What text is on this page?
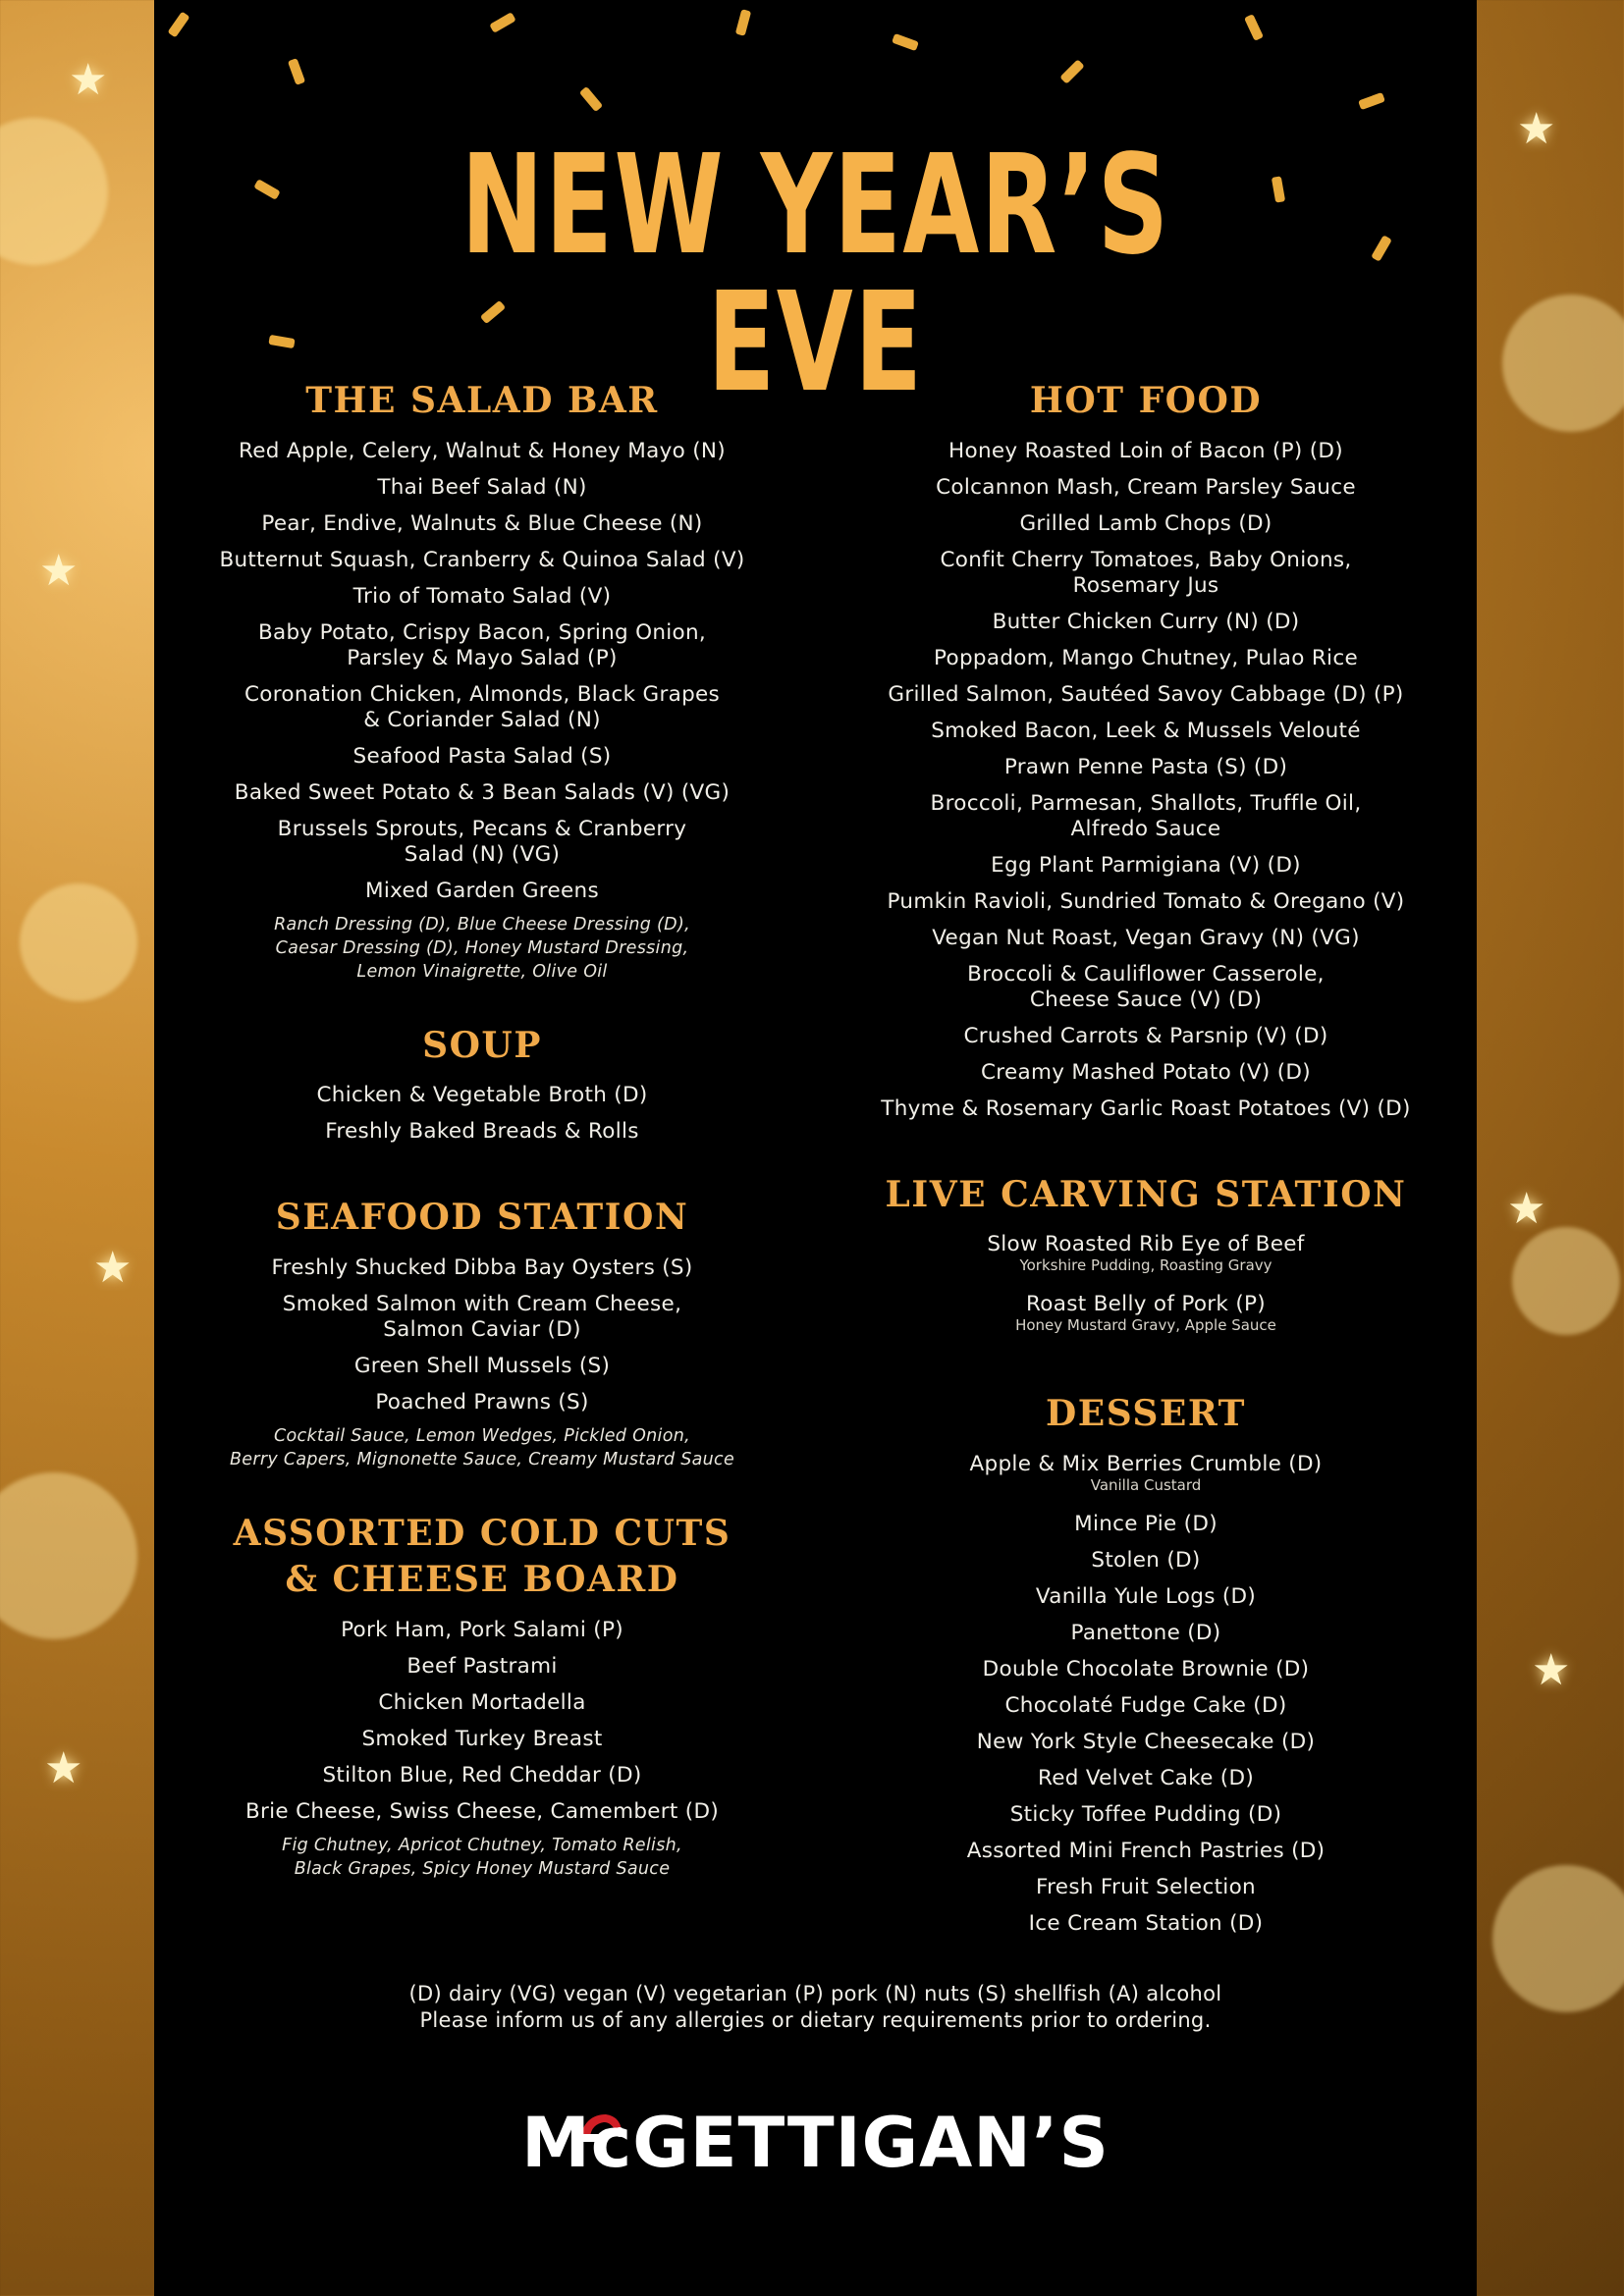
★
★
★
★
★
★
★
NEW YEAR’S EVE
THE SALAD BAR
Red Apple, Celery, Walnut & Honey Mayo (N)
Thai Beef Salad (N)
Pear, Endive, Walnuts & Blue Cheese (N)
Butternut Squash, Cranberry & Quinoa Salad (V)
Trio of Tomato Salad (V)
Baby Potato, Crispy Bacon, Spring Onion,
Parsley & Mayo Salad (P)
Coronation Chicken, Almonds, Black Grapes
& Coriander Salad (N)
Seafood Pasta Salad (S)
Baked Sweet Potato & 3 Bean Salads (V) (VG)
Brussels Sprouts, Pecans & Cranberry
Salad (N) (VG)
Mixed Garden Greens
Ranch Dressing (D), Blue Cheese Dressing (D),
Caesar Dressing (D), Honey Mustard Dressing,
Lemon Vinaigrette, Olive Oil
SOUP
Chicken & Vegetable Broth (D)
Freshly Baked Breads & Rolls
SEAFOOD STATION
Freshly Shucked Dibba Bay Oysters (S)
Smoked Salmon with Cream Cheese,
Salmon Caviar (D)
Green Shell Mussels (S)
Poached Prawns (S)
Cocktail Sauce, Lemon Wedges, Pickled Onion,
Berry Capers, Mignonette Sauce, Creamy Mustard Sauce
ASSORTED COLD CUTS
& CHEESE BOARD
Pork Ham, Pork Salami (P)
Beef Pastrami
Chicken Mortadella
Smoked Turkey Breast
Stilton Blue, Red Cheddar (D)
Brie Cheese, Swiss Cheese, Camembert (D)
Fig Chutney, Apricot Chutney, Tomato Relish,
Black Grapes, Spicy Honey Mustard Sauce
HOT FOOD
Honey Roasted Loin of Bacon (P) (D)
Colcannon Mash, Cream Parsley Sauce
Grilled Lamb Chops (D)
Confit Cherry Tomatoes, Baby Onions,
Rosemary Jus
Butter Chicken Curry (N) (D)
Poppadom, Mango Chutney, Pulao Rice
Grilled Salmon, Sautéed Savoy Cabbage (D) (P)
Smoked Bacon, Leek & Mussels Velouté
Prawn Penne Pasta (S) (D)
Broccoli, Parmesan, Shallots, Truffle Oil,
Alfredo Sauce
Egg Plant Parmigiana (V) (D)
Pumkin Ravioli, Sundried Tomato & Oregano (V)
Vegan Nut Roast, Vegan Gravy (N) (VG)
Broccoli & Cauliflower Casserole,
Cheese Sauce (V) (D)
Crushed Carrots & Parsnip (V) (D)
Creamy Mashed Potato (V) (D)
Thyme & Rosemary Garlic Roast Potatoes (V) (D)
LIVE CARVING STATION
Slow Roasted Rib Eye of Beef
Yorkshire Pudding, Roasting Gravy
Roast Belly of Pork (P)
Honey Mustard Gravy, Apple Sauce
DESSERT
Apple & Mix Berries Crumble (D)
Vanilla Custard
Mince Pie (D)
Stolen (D)
Vanilla Yule Logs (D)
Panettone (D)
Double Chocolate Brownie (D)
Chocolaté Fudge Cake (D)
New York Style Cheesecake (D)
Red Velvet Cake (D)
Sticky Toffee Pudding (D)
Assorted Mini French Pastries (D)
Fresh Fruit Selection
Ice Cream Station (D)
(D) dairy (VG) vegan (V) vegetarian (P) pork (N) nuts (S) shellfish (A) alcohol
Please inform us of any allergies or dietary requirements prior to ordering.
McGETTIGAN’S
